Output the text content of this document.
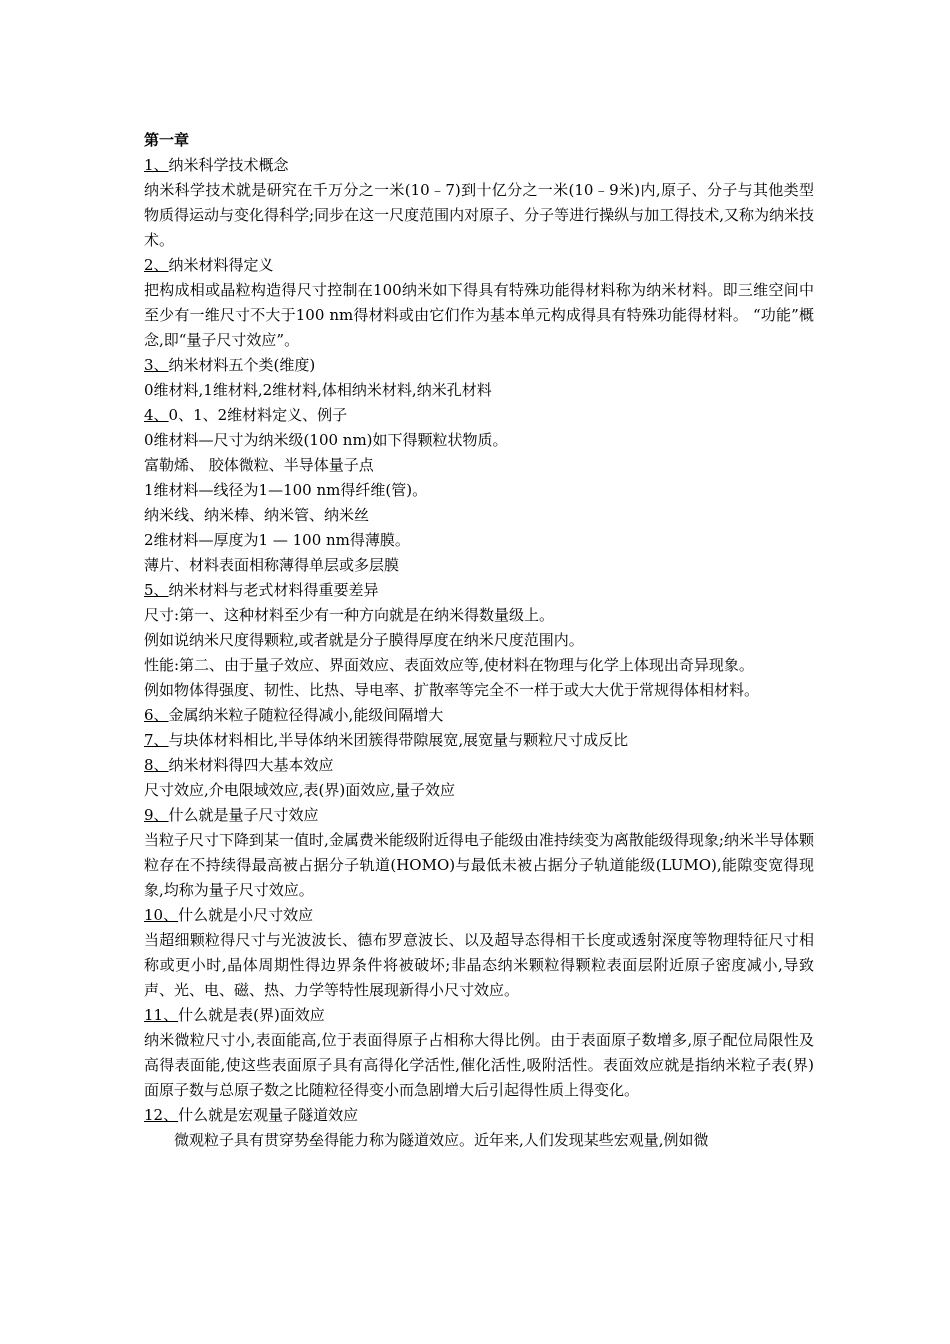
第一章
1、纳米科学技术概念
纳米科学技术就是研究在千万分之一米(10﹣7)到十亿分之一米(10﹣9米)内,原子、分子与其他类型物质得运动与变化得科学;同步在这一尺度范围内对原子、分子等进行操纵与加工得技术,又称为纳米技术。
2、纳米材料得定义
把构成相或晶粒构造得尺寸控制在100纳米如下得具有特殊功能得材料称为纳米材料。即三维空间中至少有一维尺寸不大于100 nm得材料或由它们作为基本单元构成得具有特殊功能得材料。 “功能”概念,即“量子尺寸效应”。
3、纳米材料五个类(维度)
0维材料,1维材料,2维材料,体相纳米材料,纳米孔材料
4、0、1、2维材料定义、例子
0维材料—尺寸为纳米级(100 nm)如下得颗粒状物质。
富勒烯、 胶体微粒、半导体量子点
1维材料—线径为1—100 nm得纤维(管)。
纳米线、纳米棒、纳米管、纳米丝
2维材料—厚度为1 — 100 nm得薄膜。
薄片、材料表面相称薄得单层或多层膜
5、纳米材料与老式材料得重要差异
尺寸:第一、这种材料至少有一种方向就是在纳米得数量级上。
例如说纳米尺度得颗粒,或者就是分子膜得厚度在纳米尺度范围内。
性能:第二、由于量子效应、界面效应、表面效应等,使材料在物理与化学上体现出奇异现象。
例如物体得强度、韧性、比热、导电率、扩散率等完全不一样于或大大优于常规得体相材料。
6、金属纳米粒子随粒径得减小,能级间隔增大
7、与块体材料相比,半导体纳米团簇得带隙展宽,展宽量与颗粒尺寸成反比
8、纳米材料得四大基本效应
尺寸效应,介电限域效应,表(界)面效应,量子效应
9、什么就是量子尺寸效应
当粒子尺寸下降到某一值时,金属费米能级附近得电子能级由准持续变为离散能级得现象;纳米半导体颗粒存在不持续得最高被占据分子轨道(HOMO)与最低未被占据分子轨道能级(LUMO),能隙变宽得现象,均称为量子尺寸效应。
10、什么就是小尺寸效应
当超细颗粒得尺寸与光波波长、德布罗意波长、以及超导态得相干长度或透射深度等物理特征尺寸相称或更小时,晶体周期性得边界条件将被破坏;非晶态纳米颗粒得颗粒表面层附近原子密度减小,导致声、光、电、磁、热、力学等特性展现新得小尺寸效应。
11、什么就是表(界)面效应
纳米微粒尺寸小,表面能高,位于表面得原子占相称大得比例。由于表面原子数增多,原子配位局限性及高得表面能,使这些表面原子具有高得化学活性,催化活性,吸附活性。表面效应就是指纳米粒子表(界)面原子数与总原子数之比随粒径得变小而急剧增大后引起得性质上得变化。
12、什么就是宏观量子隧道效应
微观粒子具有贯穿势垒得能力称为隧道效应。近年来,人们发现某些宏观量,例如微
